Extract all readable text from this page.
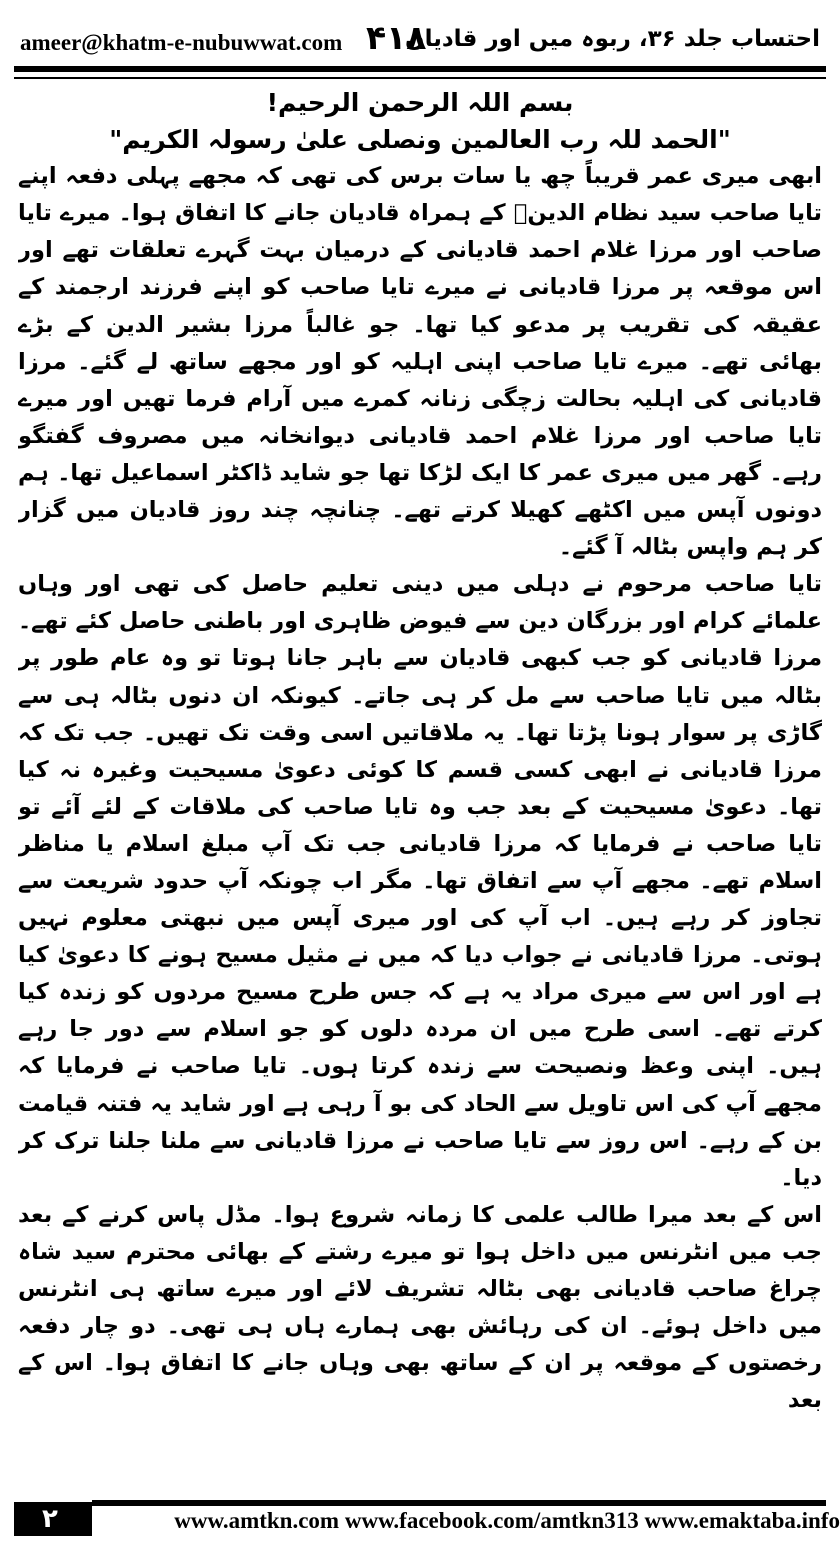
ameer@khatm-e-nubuwwat.com ۴۱۸
احتساب جلد ۳۶، ربوہ میں اور قادیان

بسم اللہ الرحمن الرحیم!

"الحمد للہ رب العالمین ونصلی علیٰ رسولہ الکریم"

ابھی میری عمر قریباً چھ یا سات برس کی تھی کہ مجھے پہلی دفعہ اپنے تایا صاحب سید نظام الدینؒ کے ہمراہ قادیان جانے کا اتفاق ہوا۔ میرے تایا صاحب اور مرزا غلام احمد قادیانی کے درمیان بہت گہرے تعلقات تھے اور اس موقعہ پر مرزا قادیانی نے میرے تایا صاحب کو اپنے فرزند ارجمند کے عقیقہ کی تقریب پر مدعو کیا تھا۔ جو غالباً مرزا بشیر الدین کے بڑے بھائی تھے۔ میرے تایا صاحب اپنی اہلیہ کو اور مجھے ساتھ لے گئے۔ مرزا قادیانی کی اہلیہ بحالت زچگی زنانہ کمرے میں آرام فرما تھیں اور میرے تایا صاحب اور مرزا غلام احمد قادیانی دیوانخانہ میں مصروف گفتگو رہے۔ گھر میں میری عمر کا ایک لڑکا تھا جو شاید ڈاکٹر اسماعیل تھا۔ ہم دونوں آپس میں اکٹھے کھیلا کرتے تھے۔ چنانچہ چند روز قادیان میں گزار کر ہم واپس بٹالہ آ گئے۔

تایا صاحب مرحوم نے دہلی میں دینی تعلیم حاصل کی تھی اور وہاں علمائے کرام اور بزرگان دین سے فیوض ظاہری اور باطنی حاصل کئے تھے۔ مرزا قادیانی کو جب کبھی قادیان سے باہر جانا ہوتا تو وہ عام طور پر بٹالہ میں تایا صاحب سے مل کر ہی جاتے۔ کیونکہ ان دنوں بٹالہ ہی سے گاڑی پر سوار ہونا پڑتا تھا۔ یہ ملاقاتیں اسی وقت تک تھیں۔ جب تک کہ مرزا قادیانی نے ابھی کسی قسم کا کوئی دعویٰ مسیحیت وغیرہ نہ کیا تھا۔ دعویٰ مسیحیت کے بعد جب وہ تایا صاحب کی ملاقات کے لئے آئے تو تایا صاحب نے فرمایا کہ مرزا قادیانی جب تک آپ مبلغ اسلام یا مناظر اسلام تھے۔ مجھے آپ سے اتفاق تھا۔ مگر اب چونکہ آپ حدود شریعت سے تجاوز کر رہے ہیں۔ اب آپ کی اور میری آپس میں نبھتی معلوم نہیں ہوتی۔ مرزا قادیانی نے جواب دیا کہ میں نے مثیل مسیح ہونے کا دعویٰ کیا ہے اور اس سے میری مراد یہ ہے کہ جس طرح مسیح مردوں کو زندہ کیا کرتے تھے۔ اسی طرح میں ان مردہ دلوں کو جو اسلام سے دور جا رہے ہیں۔ اپنی وعظ ونصیحت سے زندہ کرتا ہوں۔ تایا صاحب نے فرمایا کہ مجھے آپ کی اس تاویل سے الحاد کی بو آ رہی ہے اور شاید یہ فتنہ قیامت بن کے رہے۔ اس روز سے تایا صاحب نے مرزا قادیانی سے ملنا جلنا ترک کر دیا۔

اس کے بعد میرا طالب علمی کا زمانہ شروع ہوا۔ مڈل پاس کرنے کے بعد جب میں انٹرنس میں داخل ہوا تو میرے رشتے کے بھائی محترم سید شاہ چراغ صاحب قادیانی بھی بٹالہ تشریف لائے اور میرے ساتھ ہی انٹرنس میں داخل ہوئے۔ ان کی رہائش بھی ہمارے ہاں ہی تھی۔ دو چار دفعہ رخصتوں کے موقعہ پر ان کے ساتھ بھی وہاں جانے کا اتفاق ہوا۔ اس کے بعد

۲	www.amtkn.com www.facebook.com/amtkn313 www.emaktaba.info
